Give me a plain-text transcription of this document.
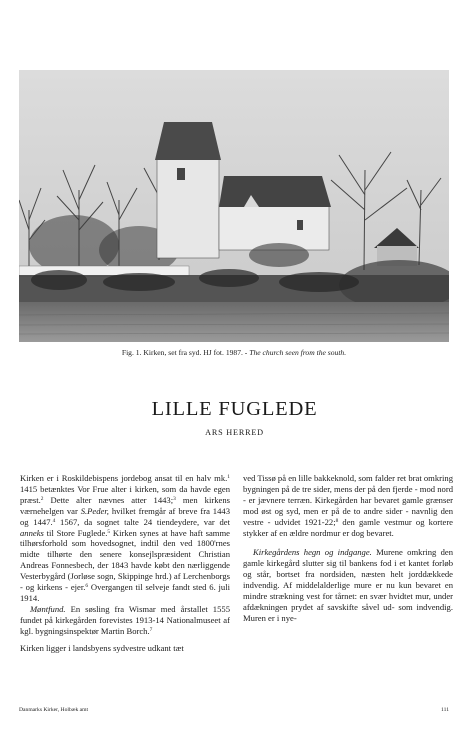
Fig. 1. Kirken, set fra syd. HJ fot. 1987. - The church seen from the south.
LILLE FUGLEDE
ARS HERRED

Kirken er i Roskildebispens jordebog ansat til en halv mk.$^1$ 1415 betænktes Vor Frue alter i kirken, som da havde egen præst.$^2$ Dette alter nævnes atter 1443;$^3$ men kirkens værnehelgen var S.Peder, hvilket fremgår af breve fra 1443 og 1447.$^4$ 1567, da sognet talte 24 tiendeydere, var det anneks til Store Fuglede.$^5$ Kirken synes at have haft samme tilhørsforhold som hovedsognet, indtil den ved 1800'rnes midte tilhørte den senere konsejlspræsident Christian Andreas Fonnesbech, der 1843 havde købt den nærliggende Vesterbygård (Jorløse sogn, Skippinge hrd.) af Lerchenborgs - og kirkens - ejer.$^6$ Overgangen til selveje fandt sted 6. juli 1914.

Møntfund. En søsling fra Wismar med årstallet 1555 fundet på kirkegården forevistes 1913-14 Nationalmuseet af kgl. bygningsinspektør Martin Borch.$^7$

Kirken ligger i landsbyens sydvestre udkant tæt

ved Tissø på en lille bakkeknold, som falder ret brat omkring bygningen på de tre sider, mens der på den fjerde - mod nord - er jævnere terræn. Kirkegården har bevaret gamle grænser mod øst og syd, men er på de to andre sider - navnlig den vestre - udvidet 1921-22;$^8$ den gamle vestmur og kortere stykker af en ældre nordmur er dog bevaret.

Kirkegårdens hegn og indgange. Murene omkring den gamle kirkegård slutter sig til bankens fod i et kantet forløb og står, bortset fra nordsiden, næsten helt jorddækkede indvendig. Af middelalderlige mure er nu kun bevaret en mindre strækning vest for tårnet: en svær hvidtet mur, under afdækningen prydet af savskifte såvel ud- som indvendig. Muren er i nye-

Danmarks Kirker, Holbæk amt	111
